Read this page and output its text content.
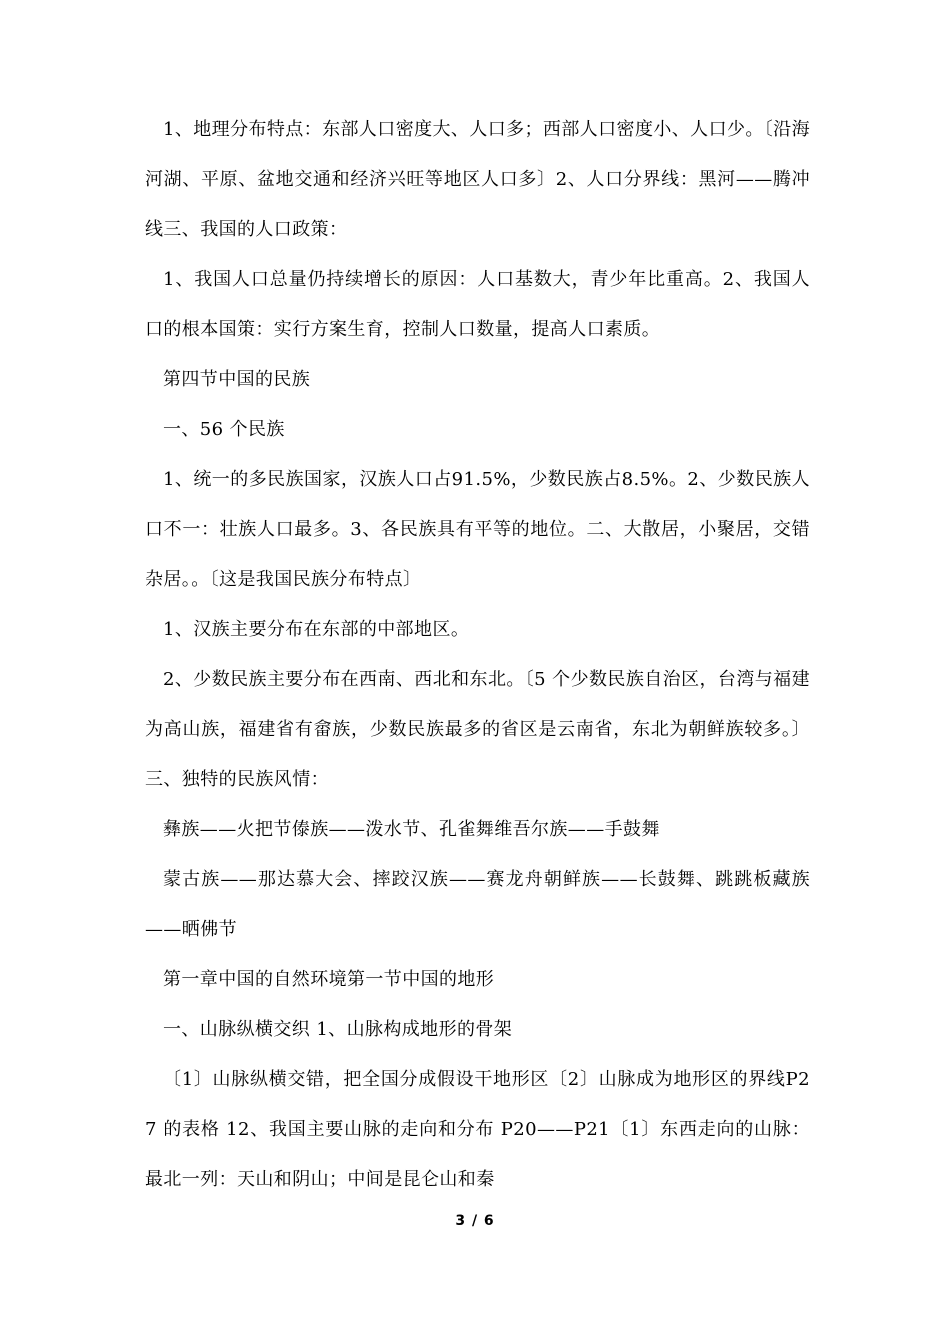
1、地理分布特点：东部人口密度大、人口多；西部人口密度小、人口少。〔沿海河湖、平原、盆地交通和经济兴旺等地区人口多〕2、人口分界线：黑河——腾冲线三、我国的人口政策：

1、我国人口总量仍持续增长的原因：人口基数大，青少年比重高。2、我国人口的根本国策：实行方案生育，控制人口数量，提高人口素质。

第四节中国的民族

一、56 个民族

1、统一的多民族国家，汉族人口占91.5%，少数民族占8.5%。2、少数民族人口不一：壮族人口最多。3、各民族具有平等的地位。二、大散居，小聚居，交错杂居。。〔这是我国民族分布特点〕

1、汉族主要分布在东部的中部地区。

2、少数民族主要分布在西南、西北和东北。〔5 个少数民族自治区，台湾与福建为高山族，福建省有畲族，少数民族最多的省区是云南省，东北为朝鲜族较多。〕三、独特的民族风情：

彝族——火把节傣族——泼水节、孔雀舞维吾尔族——手鼓舞

蒙古族——那达慕大会、摔跤汉族——赛龙舟朝鲜族——长鼓舞、跳跳板藏族——晒佛节

第一章中国的自然环境第一节中国的地形

一、山脉纵横交织 1、山脉构成地形的骨架

〔1〕山脉纵横交错，把全国分成假设干地形区〔2〕山脉成为地形区的界线P27 的表格 12、我国主要山脉的走向和分布 P20——P21〔1〕东西走向的山脉：最北一列：天山和阴山；中间是昆仑山和秦

3 / 6
